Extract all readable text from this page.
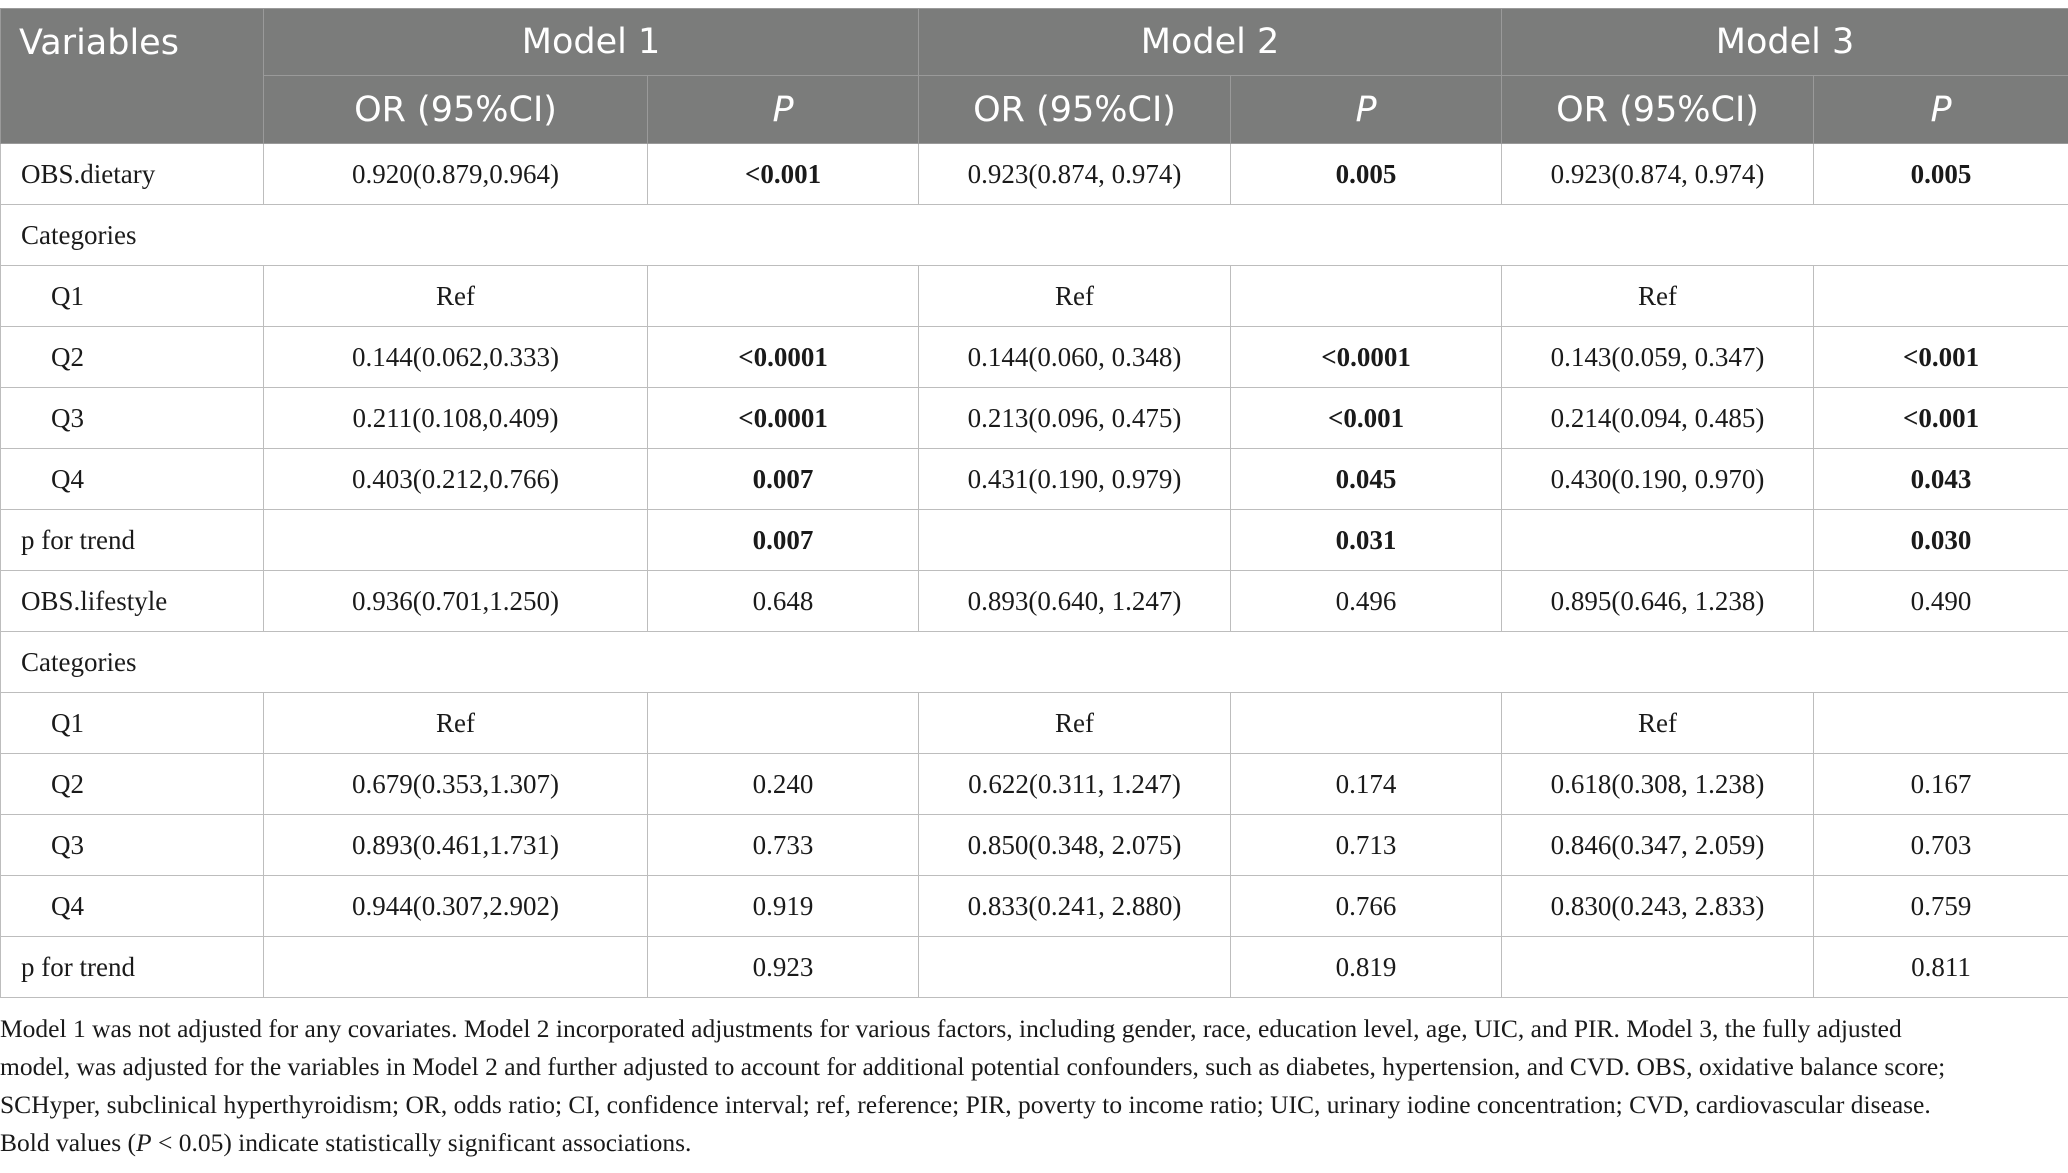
Variables	Model 1		Model 2		Model 3	
	OR (95%CI)	P	OR (95%CI)	P	OR (95%CI)	P
OBS.dietary	0.920(0.879,0.964)	<0.001	0.923(0.874, 0.974)	0.005	0.923(0.874, 0.974)	0.005
Categories						
Q1	Ref		Ref		Ref	
Q2	0.144(0.062,0.333)	<0.0001	0.144(0.060, 0.348)	<0.0001	0.143(0.059, 0.347)	<0.001
Q3	0.211(0.108,0.409)	<0.0001	0.213(0.096, 0.475)	<0.001	0.214(0.094, 0.485)	<0.001
Q4	0.403(0.212,0.766)	0.007	0.431(0.190, 0.979)	0.045	0.430(0.190, 0.970)	0.043
p for trend		0.007		0.031		0.030
OBS.lifestyle	0.936(0.701,1.250)	0.648	0.893(0.640, 1.247)	0.496	0.895(0.646, 1.238)	0.490
Categories						
Q1	Ref		Ref		Ref	
Q2	0.679(0.353,1.307)	0.240	0.622(0.311, 1.247)	0.174	0.618(0.308, 1.238)	0.167
Q3	0.893(0.461,1.731)	0.733	0.850(0.348, 2.075)	0.713	0.846(0.347, 2.059)	0.703
Q4	0.944(0.307,2.902)	0.919	0.833(0.241, 2.880)	0.766	0.830(0.243, 2.833)	0.759
p for trend		0.923		0.819		0.811

Model 1 was not adjusted for any covariates. Model 2 incorporated adjustments for various factors, including gender, race, education level, age, UIC, and PIR. Model 3, the fully adjusted
model, was adjusted for the variables in Model 2 and further adjusted to account for additional potential confounders, such as diabetes, hypertension, and CVD. OBS, oxidative balance score;
SCHyper, subclinical hyperthyroidism; OR, odds ratio; CI, confidence interval; ref, reference; PIR, poverty to income ratio; UIC, urinary iodine concentration; CVD, cardiovascular disease.
Bold values (P < 0.05) indicate statistically significant associations.
